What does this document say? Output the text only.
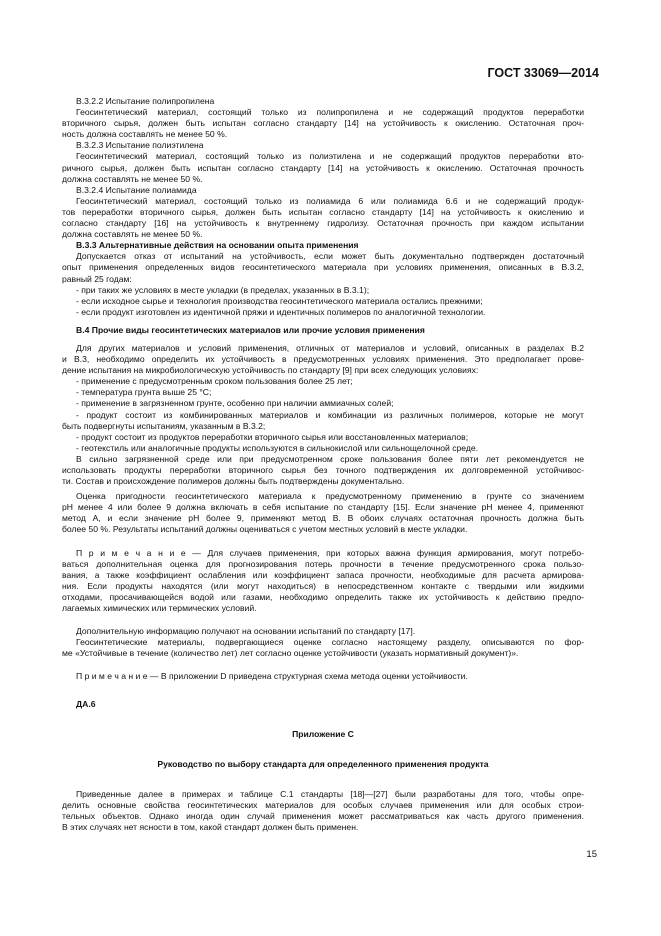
ГОСТ 33069—2014
В.3.2.2 Испытание полипропилена
Геосинтетический материал, состоящий только из полипропилена и не содержащий продуктов переработки
вторичного сырья, должен быть испытан согласно стандарту [14] на устойчивость к окислению. Остаточная проч-
ность должна составлять не менее 50 %.
В.3.2.3 Испытание полиэтилена
Геосинтетический материал, состоящий только из полиэтилена и не содержащий продуктов переработки вто-
ричного сырья, должен быть испытан согласно стандарту [14] на устойчивость к окислению. Остаточная прочность
должна составлять не менее 50 %.
В.3.2.4 Испытание полиамида
Геосинтетический материал, состоящий только из полиамида 6 или полиамида 6.6 и не содержащий продук-
тов переработки вторичного сырья, должен быть испытан согласно стандарту [14] на устойчивость к окислению и
согласно стандарту [16] на устойчивость к внутреннему гидролизу. Остаточная прочность при каждом испытании
должна составлять не менее 50 %.
В.3.3 Альтернативные действия на основании опыта применения
Допускается отказ от испытаний на устойчивость, если может быть документально подтвержден достаточный
опыт применения определенных видов геосинтетического материала при условиях применения, описанных в В.3.2,
равный 25 годам:
- при таких же условиях в месте укладки (в пределах, указанных в В.3.1);
- если исходное сырье и технология производства геосинтетического материала остались прежними;
- если продукт изготовлен из идентичной пряжи и идентичных полимеров по аналогичной технологии.
В.4 Прочие виды геосинтетических материалов или прочие условия применения
Для других материалов и условий применения, отличных от материалов и условий, описанных в разделах В.2
и В.3, необходимо определить их устойчивость в предусмотренных условиях применения. Это предполагает прове-
дение испытания на микробиологическую устойчивость по стандарту [9] при всех следующих условиях:
- применение с предусмотренным сроком пользования более 25 лет;
- температура грунта выше 25 °С;
- применение в загрязненном грунте, особенно при наличии аммиачных солей;
- продукт состоит из комбинированных материалов и комбинации из различных полимеров, которые не могут
быть подвергнуты испытаниям, указанным в В.3.2;
- продукт состоит из продуктов переработки вторичного сырья или восстановленных материалов;
- геотекстиль или аналогичные продукты используются в сильнокислой или сильнощелочной среде.
В сильно загрязненной среде или при предусмотренном сроке пользования более пяти лет рекомендуется не
использовать продукты переработки вторичного сырья без точного подтверждения их долговременной устойчивос-
ти. Состав и происхождение полимеров должны быть подтверждены документально.
Оценка пригодности геосинтетического материала к предусмотренному применению в грунте со значением
pH менее 4 или более 9 должна включать в себя испытание по стандарту [15]. Если значение pH менее 4, применяют
метод А, и если значение pH более 9, применяют метод В. В обоих случаях остаточная прочность должна быть
более 50 %. Результаты испытаний должны оцениваться с учетом местных условий в месте укладки.
П р и м е ч а н и е — Для случаев применения, при которых важна функция армирования, могут потребо-
ваться дополнительная оценка для прогнозирования потерь прочности в течение предусмотренного срока пользо-
вания, а также коэффициент ослабления или коэффициент запаса прочности, необходимые для расчета армирова-
ния. Если продукты находятся (или могут находиться) в непосредственном контакте с твердыми или жидкими
отходами, просачивающейся водой или газами, необходимо определить также их устойчивость к действию предпо-
лагаемых химических или термических условий.
Дополнительную информацию получают на основании испытаний по стандарту [17].
Геосинтетические материалы, подвергающиеся оценке согласно настоящему разделу, описываются по фор-
ме «Устойчивые в течение (количество лет) лет согласно оценке устойчивости (указать нормативный документ)».
П р и м е ч а н и е — В приложении D приведена структурная схема метода оценки устойчивости.
ДА.6
Приложение С
Руководство по выбору стандарта для определенного применения продукта
Приведенные далее в примерах и таблице С.1 стандарты [18]—[27] были разработаны для того, чтобы опре-
делить основные свойства геосинтетических материалов для особых случаев применения или для особых строи-
тельных объектов. Однако иногда один случай применения может рассматриваться как часть другого применения.
В этих случаях нет ясности в том, какой стандарт должен быть применен.
15
